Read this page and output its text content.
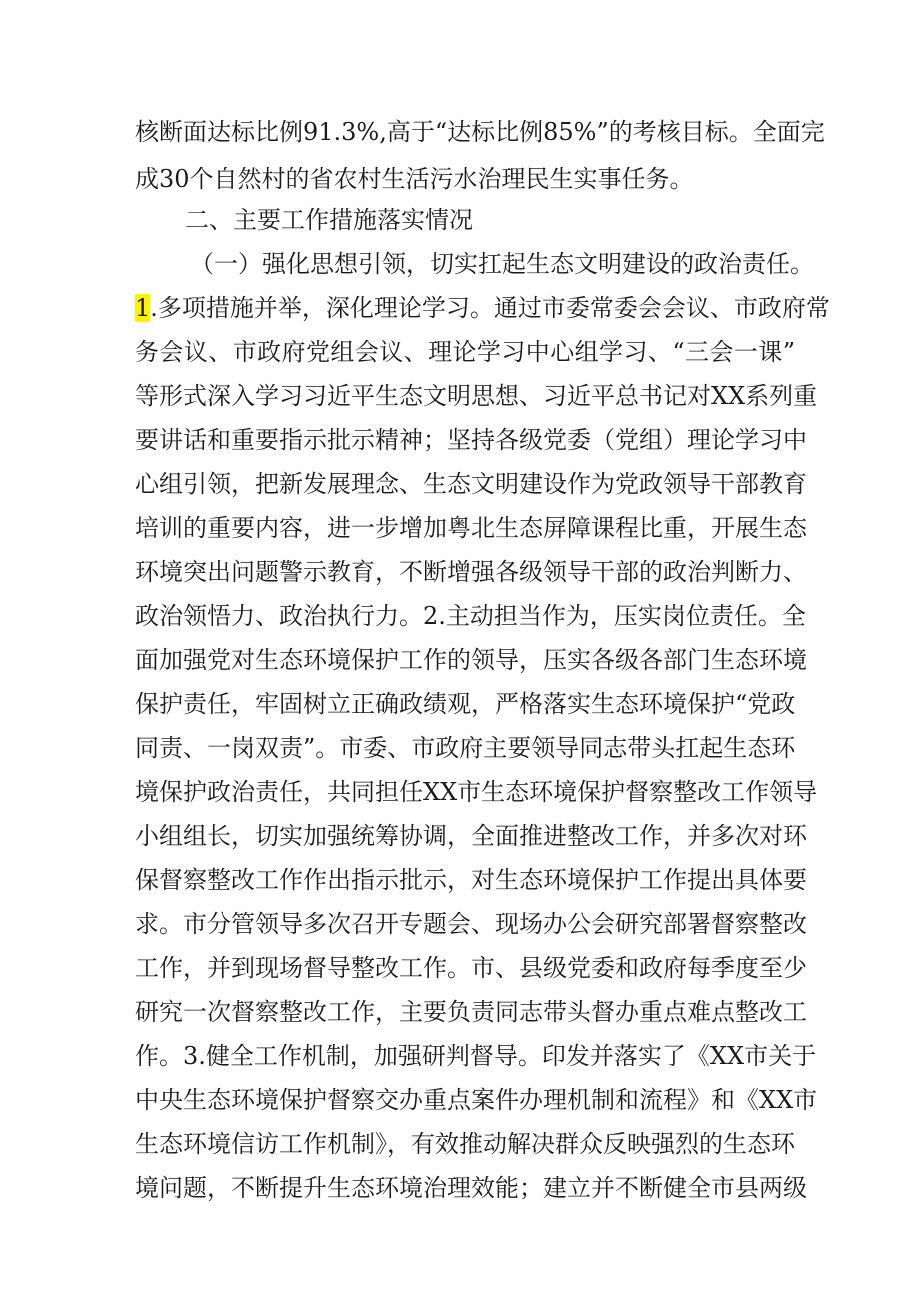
核断面达标比例91.3%,高于“达标比例85%”的考核目标。全面完
成30个自然村的省农村生活污水治理民生实事任务。
二、主要工作措施落实情况
（一）强化思想引领，切实扛起生态文明建设的政治责任。
1.多项措施并举，深化理论学习。通过市委常委会会议、市政府常
务会议、市政府党组会议、理论学习中心组学习、“三会一课”
等形式深入学习习近平生态文明思想、习近平总书记对XX系列重
要讲话和重要指示批示精神；坚持各级党委（党组）理论学习中
心组引领，把新发展理念、生态文明建设作为党政领导干部教育
培训的重要内容，进一步增加粤北生态屏障课程比重，开展生态
环境突出问题警示教育，不断增强各级领导干部的政治判断力、
政治领悟力、政治执行力。2.主动担当作为，压实岗位责任。全
面加强党对生态环境保护工作的领导，压实各级各部门生态环境
保护责任，牢固树立正确政绩观，严格落实生态环境保护“党政
同责、一岗双责”。市委、市政府主要领导同志带头扛起生态环
境保护政治责任，共同担任XX市生态环境保护督察整改工作领导
小组组长，切实加强统筹协调，全面推进整改工作，并多次对环
保督察整改工作作出指示批示，对生态环境保护工作提出具体要
求。市分管领导多次召开专题会、现场办公会研究部署督察整改
工作，并到现场督导整改工作。市、县级党委和政府每季度至少
研究一次督察整改工作，主要负责同志带头督办重点难点整改工
作。3.健全工作机制，加强研判督导。印发并落实了《XX市关于
中央生态环境保护督察交办重点案件办理机制和流程》和《XX市
生态环境信访工作机制》，有效推动解决群众反映强烈的生态环
境问题，不断提升生态环境治理效能；建立并不断健全市县两级
